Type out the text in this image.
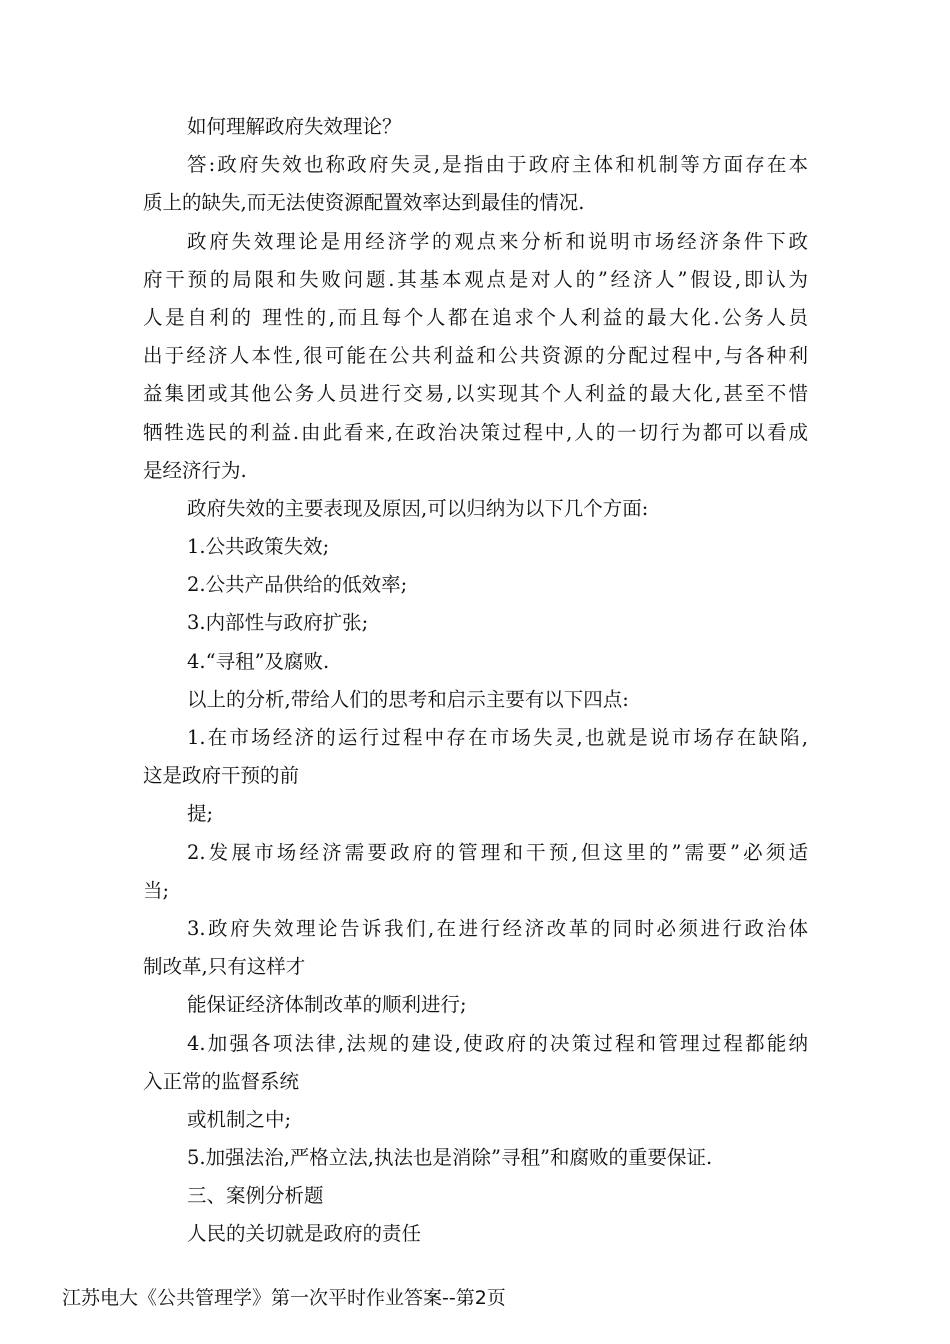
如何理解政府失效理论？
答:政府失效也称政府失灵,是指由于政府主体和机制等方面存在本
质上的缺失,而无法使资源配置效率达到最佳的情况.
政府失效理论是用经济学的观点来分析和说明市场经济条件下政
府干预的局限和失败问题.其基本观点是对人的”经济人”假设,即认为
人是自利的 理性的,而且每个人都在追求个人利益的最大化.公务人员
出于经济人本性,很可能在公共利益和公共资源的分配过程中,与各种利
益集团或其他公务人员进行交易,以实现其个人利益的最大化,甚至不惜
牺牲选民的利益.由此看来,在政治决策过程中,人的一切行为都可以看成
是经济行为.
政府失效的主要表现及原因,可以归纳为以下几个方面:
1.公共政策失效;
2.公共产品供给的低效率;
3.内部性与政府扩张;
4.“寻租”及腐败.
以上的分析,带给人们的思考和启示主要有以下四点:
1.在市场经济的运行过程中存在市场失灵,也就是说市场存在缺陷,
这是政府干预的前
提;
2.发展市场经济需要政府的管理和干预,但这里的”需要”必须适
当;
3.政府失效理论告诉我们,在进行经济改革的同时必须进行政治体
制改革,只有这样才
能保证经济体制改革的顺利进行;
4.加强各项法律,法规的建设,使政府的决策过程和管理过程都能纳
入正常的监督系统
或机制之中;
5.加强法治,严格立法,执法也是消除”寻租”和腐败的重要保证.
三、案例分析题
人民的关切就是政府的责任
江苏电大《公共管理学》第一次平时作业答案--第2页
